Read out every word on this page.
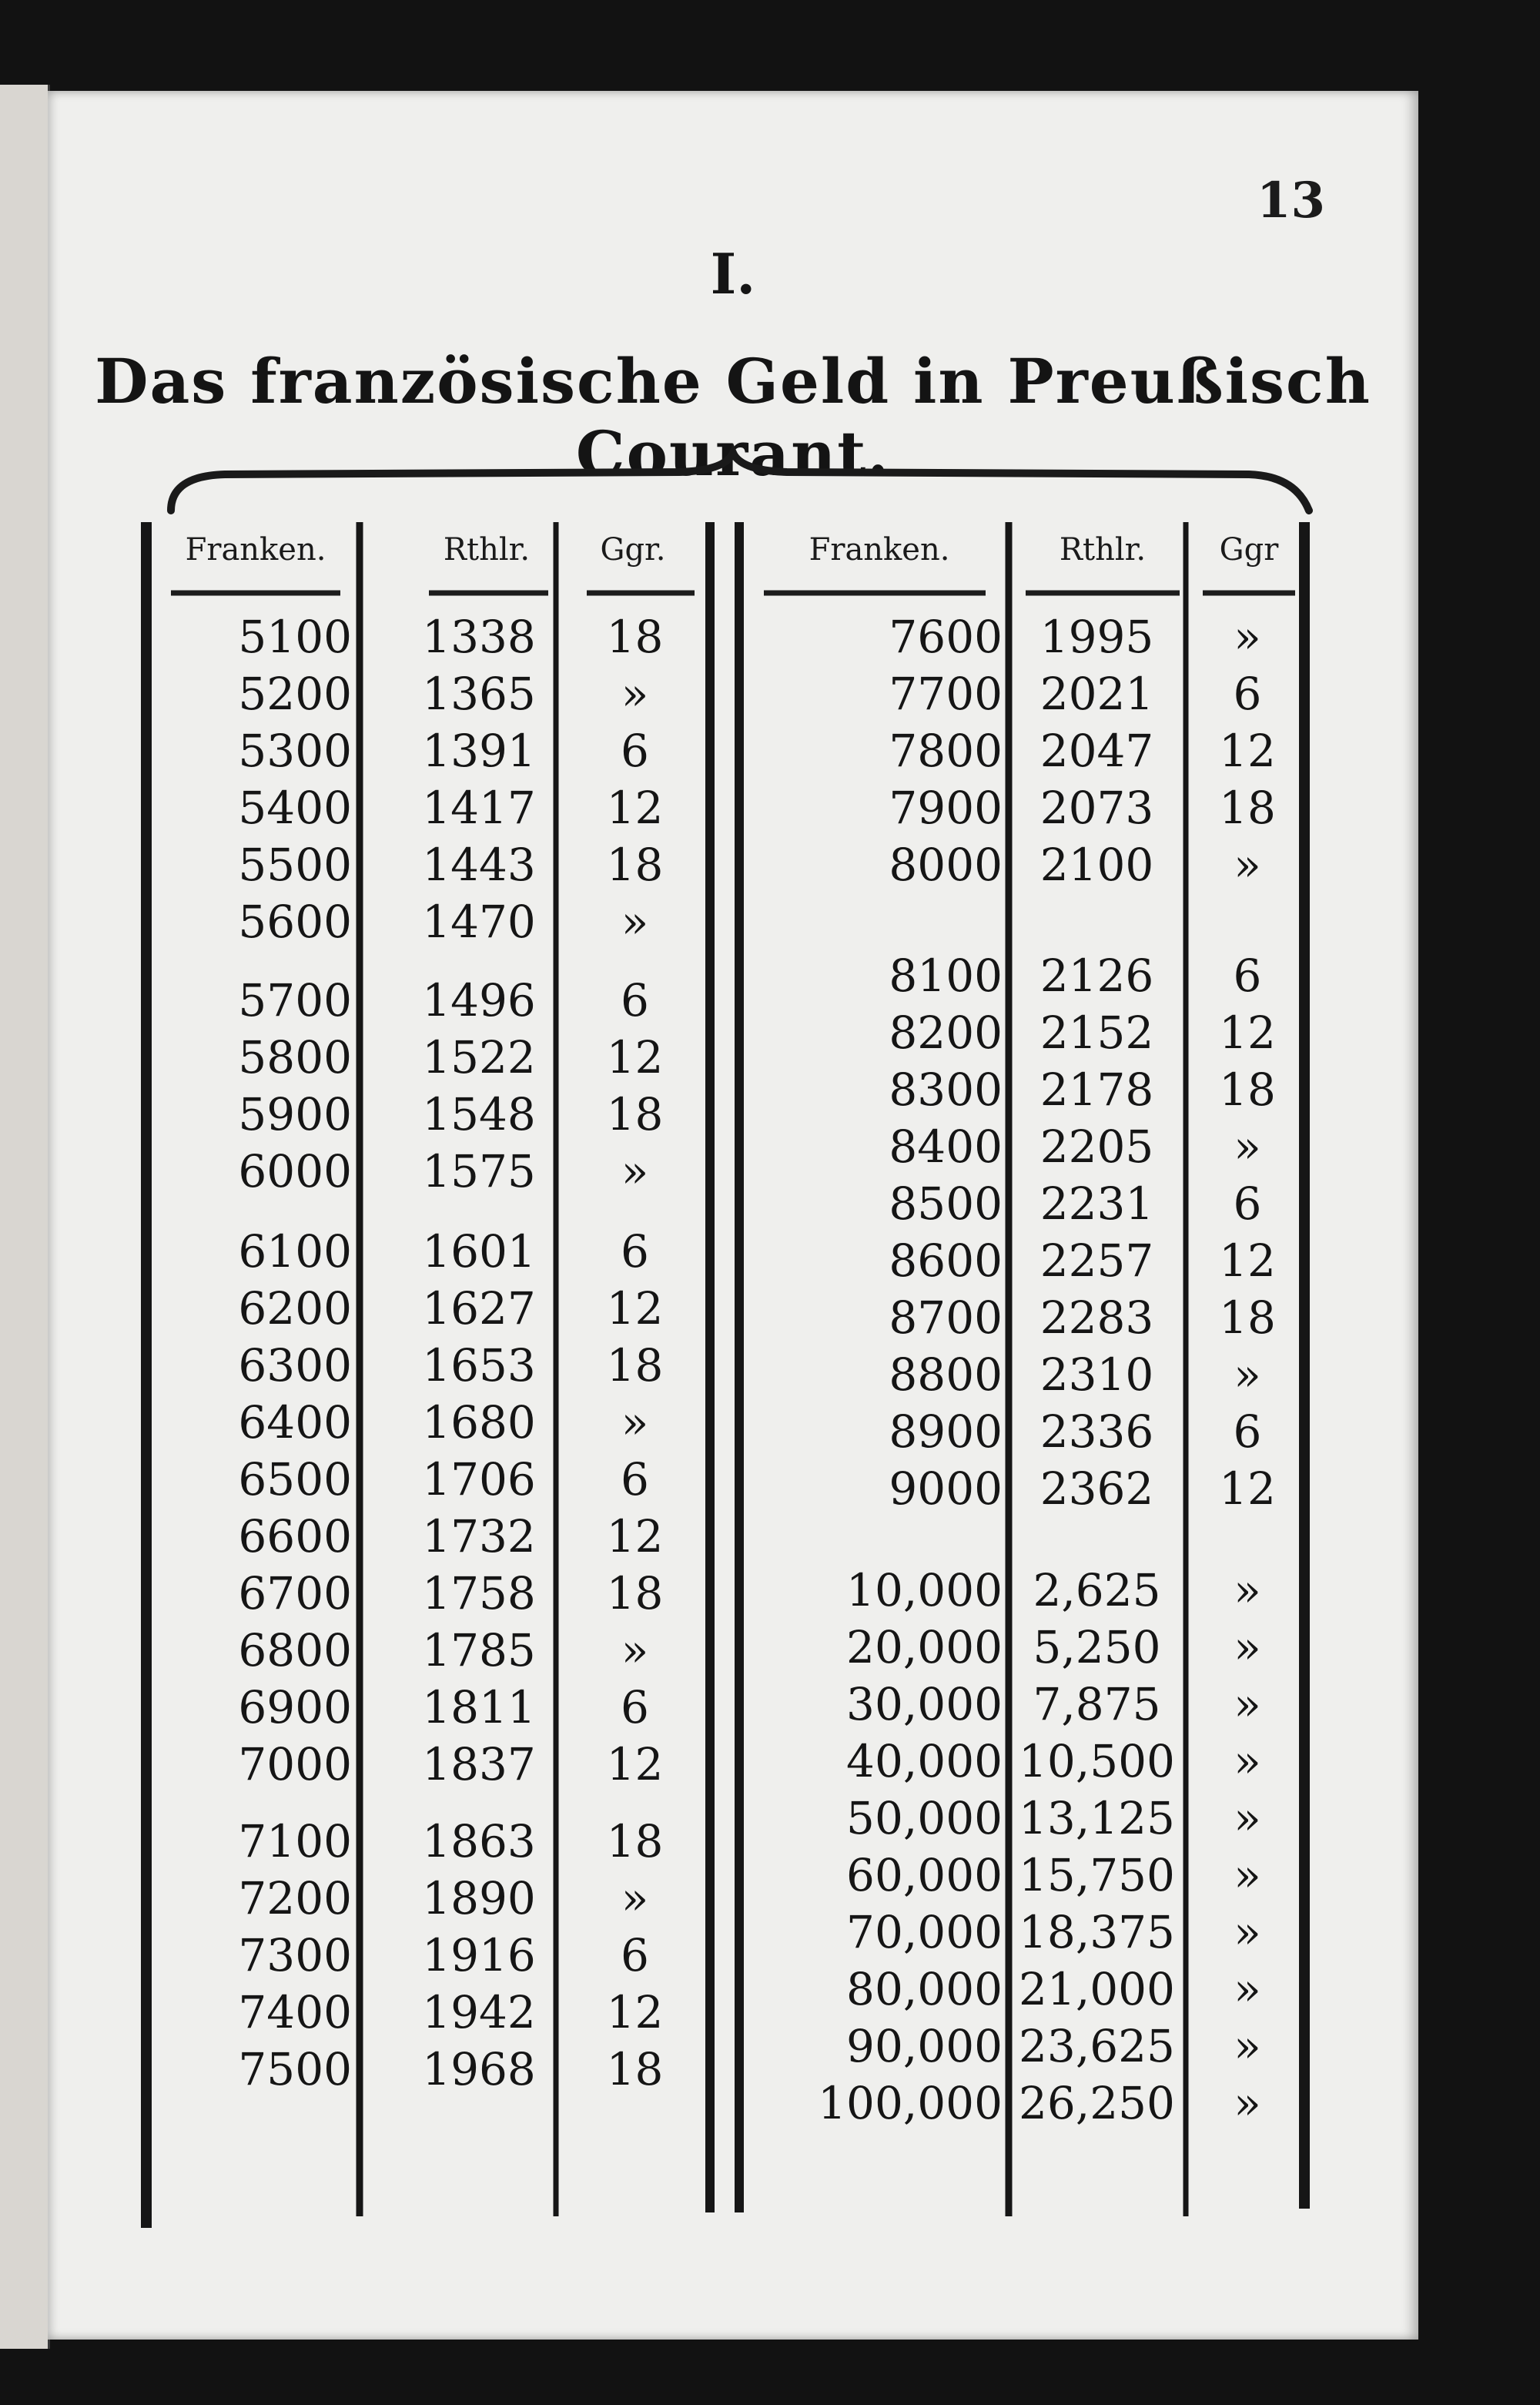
13
I.
Das französische Geld in Preußisch Courant.
Franken.	Rthlr.	Ggr.	Franken.	Rthlr.	Ggr
5100 1338	18
5200 1365	»
5300 1391	6
5400 1417	12
5500 1443	18
5600 1470	»
5700 1496	6
5800 1522	12
5900 1548	18
6000 1575	»
6100 1601	6
6200 1627	12
6300 1653	18
6400 1680	»
6500 1706	6
6600 1732	12
6700 1758	18
6800 1785	»
6900 1811	6
7000 1837	12
7100 1863	18
7200 1890	»
7300 1916	6
7400 1942	12
7500 1968	18
7600 1995	»
7700 2021	6
7800 2047	12
7900 2073	18
8000 2100	»
8100 2126	6
8200 2152	12
8300 2178	18
8400 2205	»
8500 2231	6
8600 2257	12
8700 2283	18
8800 2310	»
8900 2336	6
9000 2362	12
10,000 2,625	»
20,000 5,250	»
30,000 7,875	»
40,000 10,500	»
50,000 13,125	»
60,000 15,750	»
70,000 18,375	»
80,000 21,000	»
90,000 23,625	»
100,000 26,250	»
